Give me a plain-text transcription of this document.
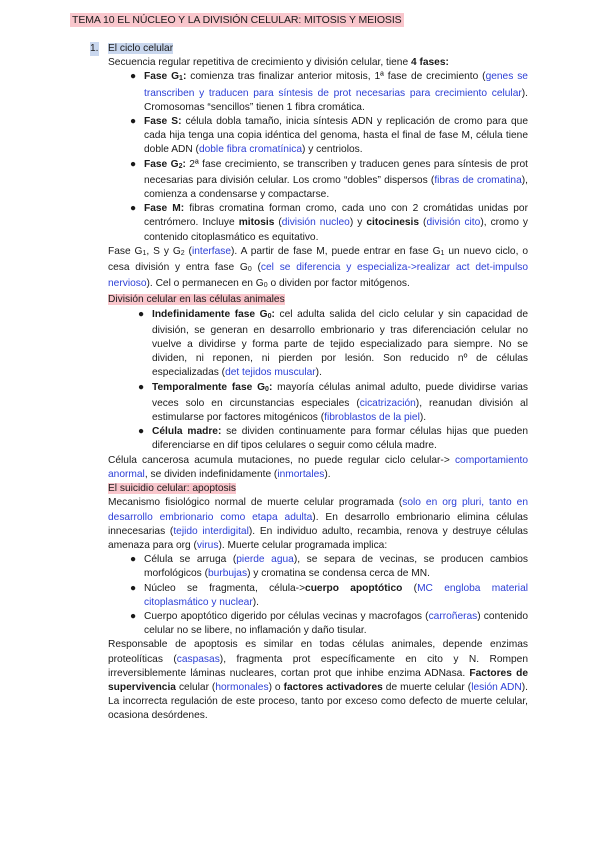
TEMA 10 EL NÚCLEO Y LA DIVISIÓN CELULAR: MITOSIS Y MEIOSIS
1. El ciclo celular

Secuencia regular repetitiva de crecimiento y división celular, tiene 4 fases:

● Fase G1: comienza tras finalizar anterior mitosis, 1ª fase de crecimiento (genes se transcriben y traducen para síntesis de prot necesarias para crecimiento celular). Cromosomas “sencillos” tienen 1 fibra cromática.
● Fase S: célula dobla tamaño, inicia síntesis ADN y replicación de cromo para que cada hija tenga una copia idéntica del genoma, hasta el final de fase M, célula tiene doble ADN (doble fibra cromatínica) y centriolos.
● Fase G2: 2ª fase crecimiento, se transcriben y traducen genes para síntesis de prot necesarias para división celular. Los cromo “dobles” dispersos (fibras de cromatina), comienza a condensarse y compactarse.
● Fase M: fibras cromatina forman cromo, cada uno con 2 cromátidas unidas por centrómero. Incluye mitosis (división nucleo) y citocinesis (división cito), cromo y contenido citoplasmático es equitativo.

Fase G1, S y G2 (interfase). A partir de fase M, puede entrar en fase G1 un nuevo ciclo, o cesa división y entra fase G0 (cel se diferencia y especializa->realizar act det-impulso nervioso). Cel o permanecen en G0 o dividen por factor mitógenos.

División celular en las células animales

● Indefinidamente fase G0: cel adulta salida del ciclo celular y sin capacidad de división, se generan en desarrollo embrionario y tras diferenciación celular no vuelve a dividirse y forma parte de tejido especializado para siempre. No se dividen, ni reponen, ni pierden por lesión. Son reducido nº de células especializadas (det tejidos muscular).
● Temporalmente fase G0: mayoría células animal adulto, puede dividirse varias veces solo en circunstancias especiales (cicatrización), reanudan división al estimularse por factores mitogénicos (fibroblastos de la piel).
● Célula madre: se dividen continuamente para formar células hijas que pueden diferenciarse en dif tipos celulares o seguir como célula madre.

Célula cancerosa acumula mutaciones, no puede regular ciclo celular-> comportamiento anormal, se dividen indefinidamente (inmortales).

El suicidio celular: apoptosis

Mecanismo fisiológico normal de muerte celular programada (solo en org pluri, tanto en desarrollo embrionario como etapa adulta). En desarrollo embrionario elimina células innecesarias (tejido interdigital). En individuo adulto, recambia, renova y destruye células amenaza para org (virus). Muerte celular programada implica:

● Célula se arruga (pierde agua), se separa de vecinas, se producen cambios morfológicos (burbujas) y cromatina se condensa cerca de MN.
● Núcleo se fragmenta, célula->cuerpo apoptótico (MC engloba material citoplasmático y nuclear).
● Cuerpo apoptótico digerido por células vecinas y macrofagos (carroñeras) contenido celular no se libere, no inflamación y daño tisular.

Responsable de apoptosis es similar en todas células animales, depende enzimas proteolíticas (caspasas), fragmenta prot específicamente en cito y N. Rompen irreversiblemente láminas nucleares, cortan prot que inhibe enzima ADNasa. Factores de supervivencia celular (hormonales) o factores activadores de muerte celular (lesión ADN). La incorrecta regulación de este proceso, tanto por exceso como defecto de muerte celular, ocasiona desórdenes.
